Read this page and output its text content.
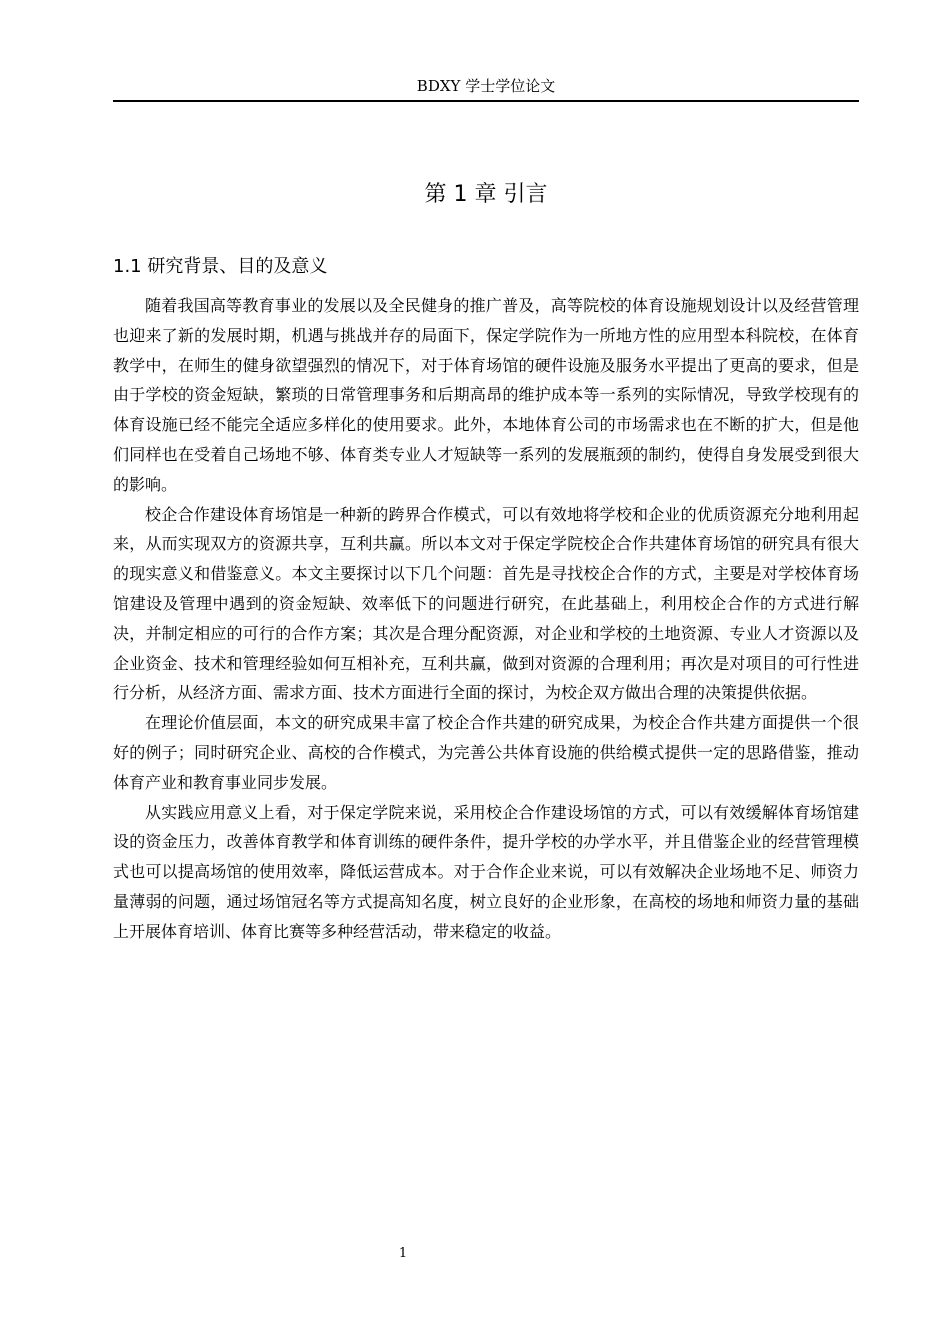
BDXY 学士学位论文
第 1 章 引言
1.1 研究背景、目的及意义

随着我国高等教育事业的发展以及全民健身的推广普及，高等院校的体育设施规划设计以及经营管理也迎来了新的发展时期，机遇与挑战并存的局面下，保定学院作为一所地方性的应用型本科院校，在体育教学中，在师生的健身欲望强烈的情况下，对于体育场馆的硬件设施及服务水平提出了更高的要求，但是由于学校的资金短缺，繁琐的日常管理事务和后期高昂的维护成本等一系列的实际情况，导致学校现有的体育设施已经不能完全适应多样化的使用要求。此外，本地体育公司的市场需求也在不断的扩大，但是他们同样也在受着自己场地不够、体育类专业人才短缺等一系列的发展瓶颈的制约，使得自身发展受到很大的影响。

校企合作建设体育场馆是一种新的跨界合作模式，可以有效地将学校和企业的优质资源充分地利用起来，从而实现双方的资源共享，互利共赢。所以本文对于保定学院校企合作共建体育场馆的研究具有很大的现实意义和借鉴意义。本文主要探讨以下几个问题：首先是寻找校企合作的方式，主要是对学校体育场馆建设及管理中遇到的资金短缺、效率低下的问题进行研究，在此基础上，利用校企合作的方式进行解决，并制定相应的可行的合作方案；其次是合理分配资源，对企业和学校的土地资源、专业人才资源以及企业资金、技术和管理经验如何互相补充，互利共赢，做到对资源的合理利用；再次是对项目的可行性进行分析，从经济方面、需求方面、技术方面进行全面的探讨，为校企双方做出合理的决策提供依据。

在理论价值层面，本文的研究成果丰富了校企合作共建的研究成果，为校企合作共建方面提供一个很好的例子；同时研究企业、高校的合作模式，为完善公共体育设施的供给模式提供一定的思路借鉴，推动体育产业和教育事业同步发展。

从实践应用意义上看，对于保定学院来说，采用校企合作建设场馆的方式，可以有效缓解体育场馆建设的资金压力，改善体育教学和体育训练的硬件条件，提升学校的办学水平，并且借鉴企业的经营管理模式也可以提高场馆的使用效率，降低运营成本。对于合作企业来说，可以有效解决企业场地不足、师资力量薄弱的问题，通过场馆冠名等方式提高知名度，树立良好的企业形象，在高校的场地和师资力量的基础上开展体育培训、体育比赛等多种经营活动，带来稳定的收益。

1
